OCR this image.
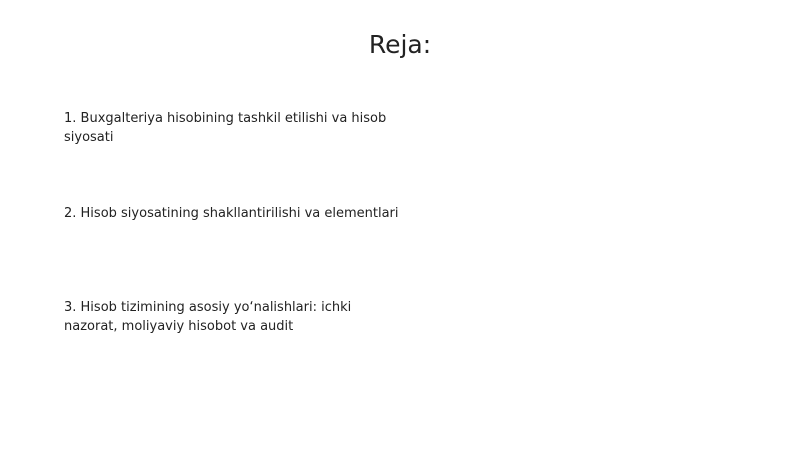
Reja:

1. Buxgalteriya hisobining tashkil etilishi va hisob siyosati

2. Hisob siyosatining shakllantirilishi va elementlari

3. Hisob tizimining asosiy yo‘nalishlari: ichki nazorat, moliyaviy hisobot va audit
